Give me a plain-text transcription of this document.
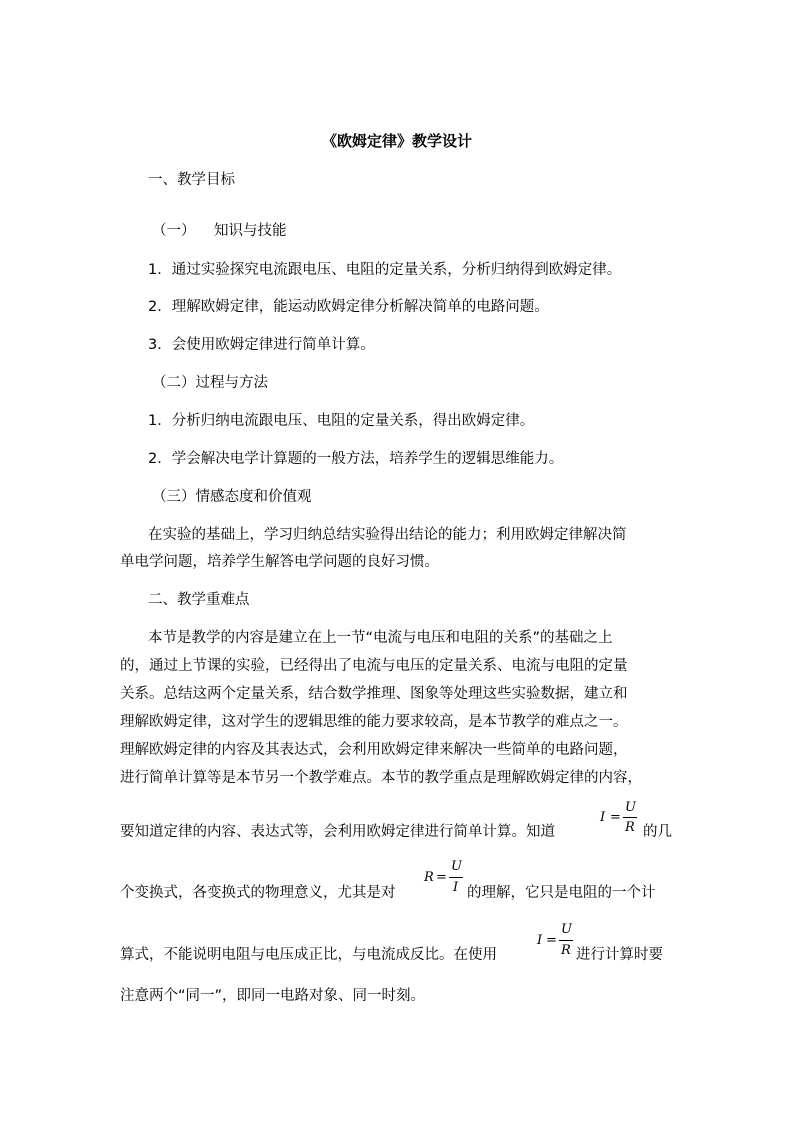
《欧姆定律》教学设计
一、教学目标
（一） 知识与技能
1．通过实验探究电流跟电压、电阻的定量关系，分析归纳得到欧姆定律。
2．理解欧姆定律，能运动欧姆定律分析解决简单的电路问题。
3．会使用欧姆定律进行简单计算。
（二）过程与方法
1．分析归纳电流跟电压、电阻的定量关系，得出欧姆定律。
2．学会解决电学计算题的一般方法，培养学生的逻辑思维能力。
（三）情感态度和价值观
在实验的基础上，学习归纳总结实验得出结论的能力；利用欧姆定律解决简
单电学问题，培养学生解答电学问题的良好习惯。
二、教学重难点
本节是教学的内容是建立在上一节“电流与电压和电阻的关系”的基础之上
的，通过上节课的实验，已经得出了电流与电压的定量关系、电流与电阻的定量
关系。总结这两个定量关系，结合数学推理、图象等处理这些实验数据，建立和
理解欧姆定律，这对学生的逻辑思维的能力要求较高，是本节教学的难点之一。
理解欧姆定律的内容及其表达式，会利用欧姆定律来解决一些简单的电路问题，
进行简单计算等是本节另一个教学难点。本节的教学重点是理解欧姆定律的内容，
要知道定律的内容、表达式等，会利用欧姆定律进行简单计算。知道
I =
U
R 的几
个变换式，各变换式的物理意义，尤其是对
R =
U
I 的理解，它只是电阻的一个计
算式，不能说明电阻与电压成正比，与电流成反比。在使用
I =
U
R 进行计算时要
注意两个“同一”，即同一电路对象、同一时刻。
